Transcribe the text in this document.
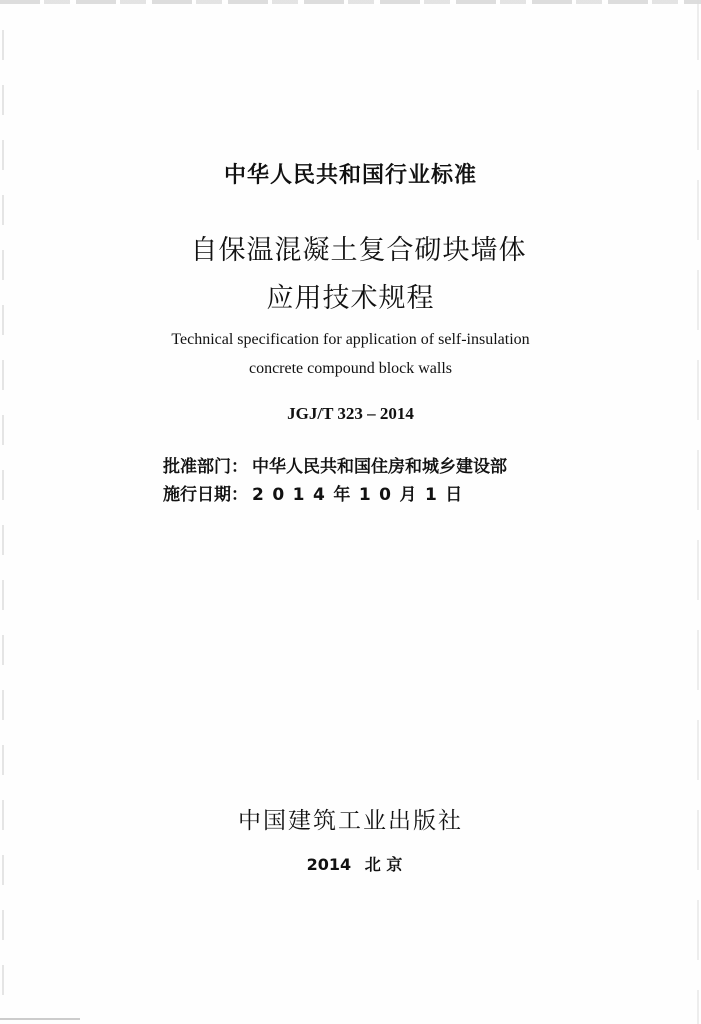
中华人民共和国行业标准
自保温混凝土复合砌块墙体
应用技术规程
Technical specification for application of self-insulation
concrete compound block walls
JGJ/T 323 – 2014
批准部门： 中华人民共和国住房和城乡建设部
施行日期： 2014年10月1日
中国建筑工业出版社
2014 北 京
